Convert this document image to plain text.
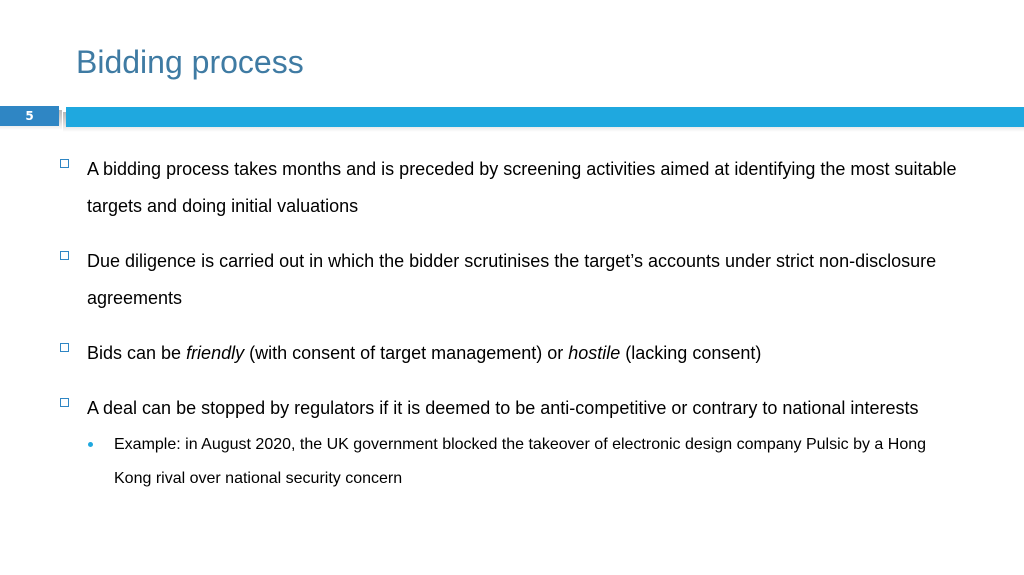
Bidding process
5
A bidding process takes months and is preceded by screening activities aimed at identifying the most suitable targets and doing initial valuations
Due diligence is carried out in which the bidder scrutinises the target’s accounts under strict non-disclosure agreements
Bids can be friendly (with consent of target management) or hostile (lacking consent)
A deal can be stopped by regulators if it is deemed to be anti-competitive or contrary to national interests
Example: in August 2020, the UK government blocked the takeover of electronic design company Pulsic by a Hong Kong rival over national security concern
